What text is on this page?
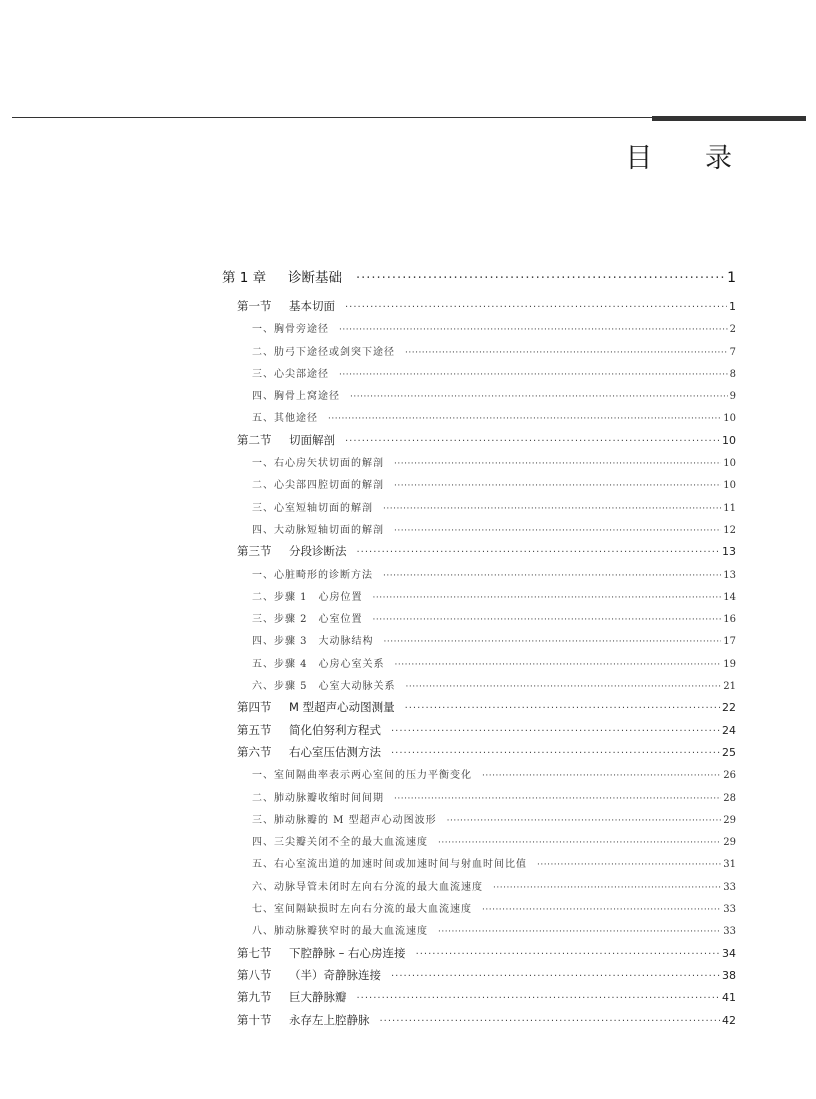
目 录
第 1 章	诊断基础 ·····	1
第一节	基本切面 ·····	1
一、胸骨旁途径 ·····	2
二、肋弓下途径或剑突下途径 ·····	7
三、心尖部途径 ·····	8
四、胸骨上窝途径 ·····	9
五、其他途径 ·····	10
第二节	切面解剖 ·····	10
一、右心房矢状切面的解剖 ·····	10
二、心尖部四腔切面的解剖 ·····	10
三、心室短轴切面的解剖 ·····	11
四、大动脉短轴切面的解剖 ·····	12
第三节	分段诊断法 ·····	13
一、心脏畸形的诊断方法 ·····	13
二、步骤 1　心房位置 ·····	14
三、步骤 2　心室位置 ·····	16
四、步骤 3　大动脉结构 ·····	17
五、步骤 4　心房心室关系 ·····	19
六、步骤 5　心室大动脉关系 ·····	21
第四节	M 型超声心动图测量 ·····	22
第五节	简化伯努利方程式 ·····	24
第六节	右心室压估测方法 ·····	25
一、室间隔曲率表示两心室间的压力平衡变化 ·····	26
二、肺动脉瓣收缩时间间期 ·····	28
三、肺动脉瓣的 M 型超声心动图波形 ·····	29
四、三尖瓣关闭不全的最大血流速度 ·····	29
五、右心室流出道的加速时间或加速时间与射血时间比值 ·····	31
六、动脉导管未闭时左向右分流的最大血流速度 ·····	33
七、室间隔缺损时左向右分流的最大血流速度 ·····	33
八、肺动脉瓣狭窄时的最大血流速度 ·····	33
第七节	下腔静脉 – 右心房连接 ·····	34
第八节	（半）奇静脉连接 ·····	38
第九节	巨大静脉瓣 ·····	41
第十节	永存左上腔静脉 ·····	42
